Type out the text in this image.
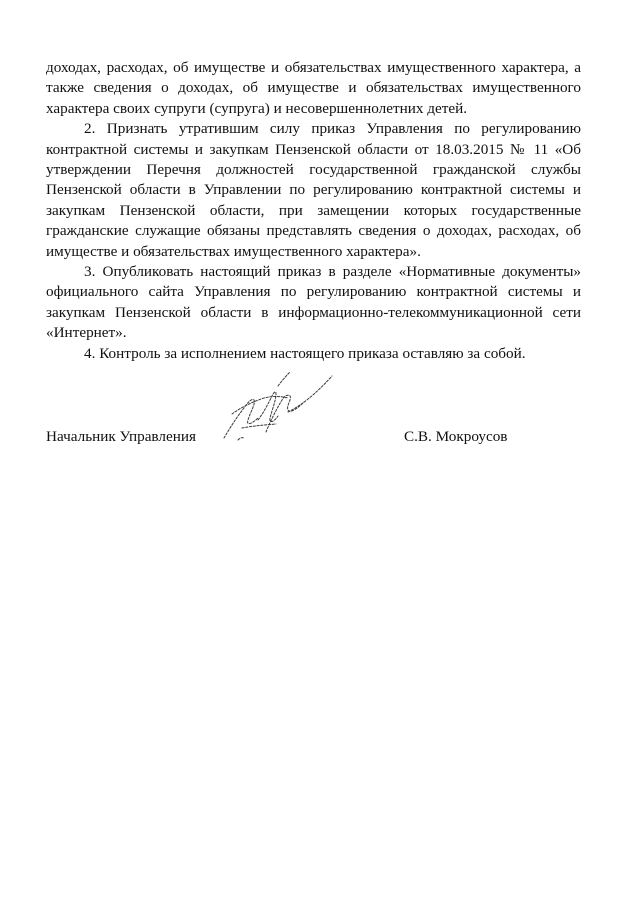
доходах, расходах, об имуществе и обязательствах имущественного характера, а также сведения о доходах, об имуществе и обязательствах имущественного характера своих супруги (супруга) и несовершеннолетних детей.

2. Признать утратившим силу приказ Управления по регулированию контрактной системы и закупкам Пензенской области от 18.03.2015 № 11 «Об утверждении Перечня должностей государственной гражданской службы Пензенской области в Управлении по регулированию контрактной системы и закупкам Пензенской области, при замещении которых государственные гражданские служащие обязаны представлять сведения о доходах, расходах, об имуществе и обязательствах имущественного характера».

3. Опубликовать настоящий приказ в разделе «Нормативные документы» официального сайта Управления по регулированию контрактной системы и закупкам Пензенской области в информационно-телекоммуникационной сети «Интернет».

4. Контроль за исполнением настоящего приказа оставляю за собой.

Начальник Управления	С.В. Мокроусов
